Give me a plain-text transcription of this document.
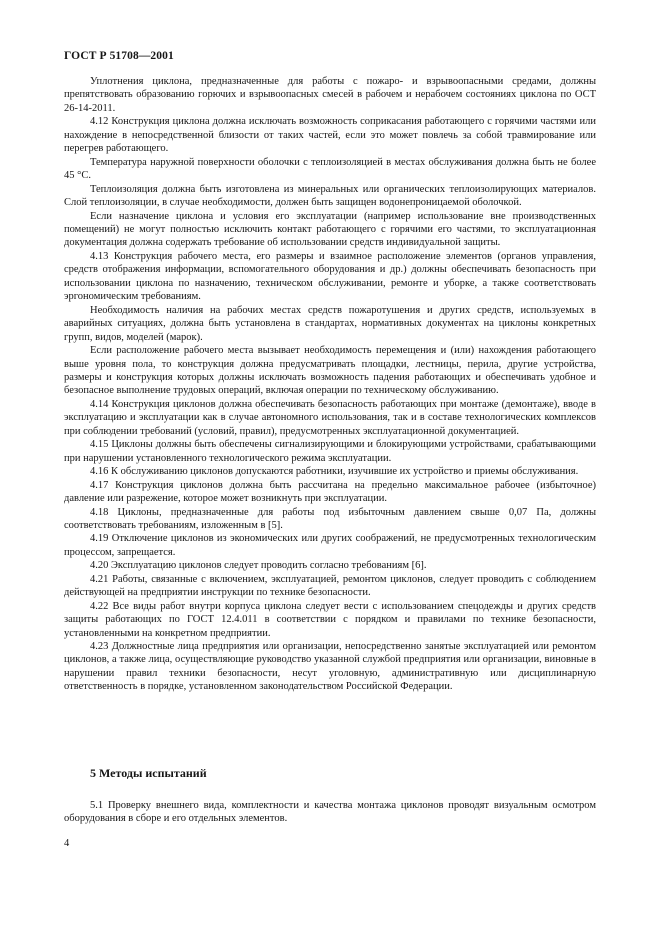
ГОСТ Р 51708—2001

Уплотнения циклона, предназначенные для работы с пожаро- и взрывоопасными средами, должны препятствовать образованию горючих и взрывоопасных смесей в рабочем и нерабочем состояниях циклона по ОСТ 26-14-2011.

4.12 Конструкция циклона должна исключать возможность соприкасания работающего с горячими частями или нахождение в непосредственной близости от таких частей, если это может повлечь за собой травмирование или перегрев работающего.

Температура наружной поверхности оболочки с теплоизоляцией в местах обслуживания должна быть не более 45 °С.

Теплоизоляция должна быть изготовлена из минеральных или органических теплоизолирующих материалов. Слой теплоизоляции, в случае необходимости, должен быть защищен водонепроницаемой оболочкой.

Если назначение циклона и условия его эксплуатации (например использование вне производственных помещений) не могут полностью исключить контакт работающего с горячими его частями, то эксплуатационная документация должна содержать требование об использовании средств индивидуальной защиты.

4.13 Конструкция рабочего места, его размеры и взаимное расположение элементов (органов управления, средств отображения информации, вспомогательного оборудования и др.) должны обеспечивать безопасность при использовании циклона по назначению, техническом обслуживании, ремонте и уборке, а также соответствовать эргономическим требованиям.

Необходимость наличия на рабочих местах средств пожаротушения и других средств, используемых в аварийных ситуациях, должна быть установлена в стандартах, нормативных документах на циклоны конкретных групп, видов, моделей (марок).

Если расположение рабочего места вызывает необходимость перемещения и (или) нахождения работающего выше уровня пола, то конструкция должна предусматривать площадки, лестницы, перила, другие устройства, размеры и конструкция которых должны исключать возможность падения работающих и обеспечивать удобное и безопасное выполнение трудовых операций, включая операции по техническому обслуживанию.

4.14 Конструкция циклонов должна обеспечивать безопасность работающих при монтаже (демонтаже), вводе в эксплуатацию и эксплуатации как в случае автономного использования, так и в составе технологических комплексов при соблюдении требований (условий, правил), предусмотренных эксплуатационной документацией.

4.15 Циклоны должны быть обеспечены сигнализирующими и блокирующими устройствами, срабатывающими при нарушении установленного технологического режима эксплуатации.

4.16 К обслуживанию циклонов допускаются работники, изучившие их устройство и приемы обслуживания.

4.17 Конструкция циклонов должна быть рассчитана на предельно максимальное рабочее (избыточное) давление или разрежение, которое может возникнуть при эксплуатации.

4.18 Циклоны, предназначенные для работы под избыточным давлением свыше 0,07 Па, должны соответствовать требованиям, изложенным в [5].

4.19 Отключение циклонов из экономических или других соображений, не предусмотренных технологическим процессом, запрещается.

4.20 Эксплуатацию циклонов следует проводить согласно требованиям [6].

4.21 Работы, связанные с включением, эксплуатацией, ремонтом циклонов, следует проводить с соблюдением действующей на предприятии инструкции по технике безопасности.

4.22 Все виды работ внутри корпуса циклона следует вести с использованием спецодежды и других средств защиты работающих по ГОСТ 12.4.011 в соответствии с порядком и правилами по технике безопасности, установленными на конкретном предприятии.

4.23 Должностные лица предприятия или организации, непосредственно занятые эксплуатацией или ремонтом циклонов, а также лица, осуществляющие руководство указанной службой предприятия или организации, виновные в нарушении правил техники безопасности, несут уголовную, административную или дисциплинарную ответственность в порядке, установленном законодательством Российской Федерации.

5 Методы испытаний

5.1 Проверку внешнего вида, комплектности и качества монтажа циклонов проводят визуальным осмотром оборудования в сборе и его отдельных элементов.

4
